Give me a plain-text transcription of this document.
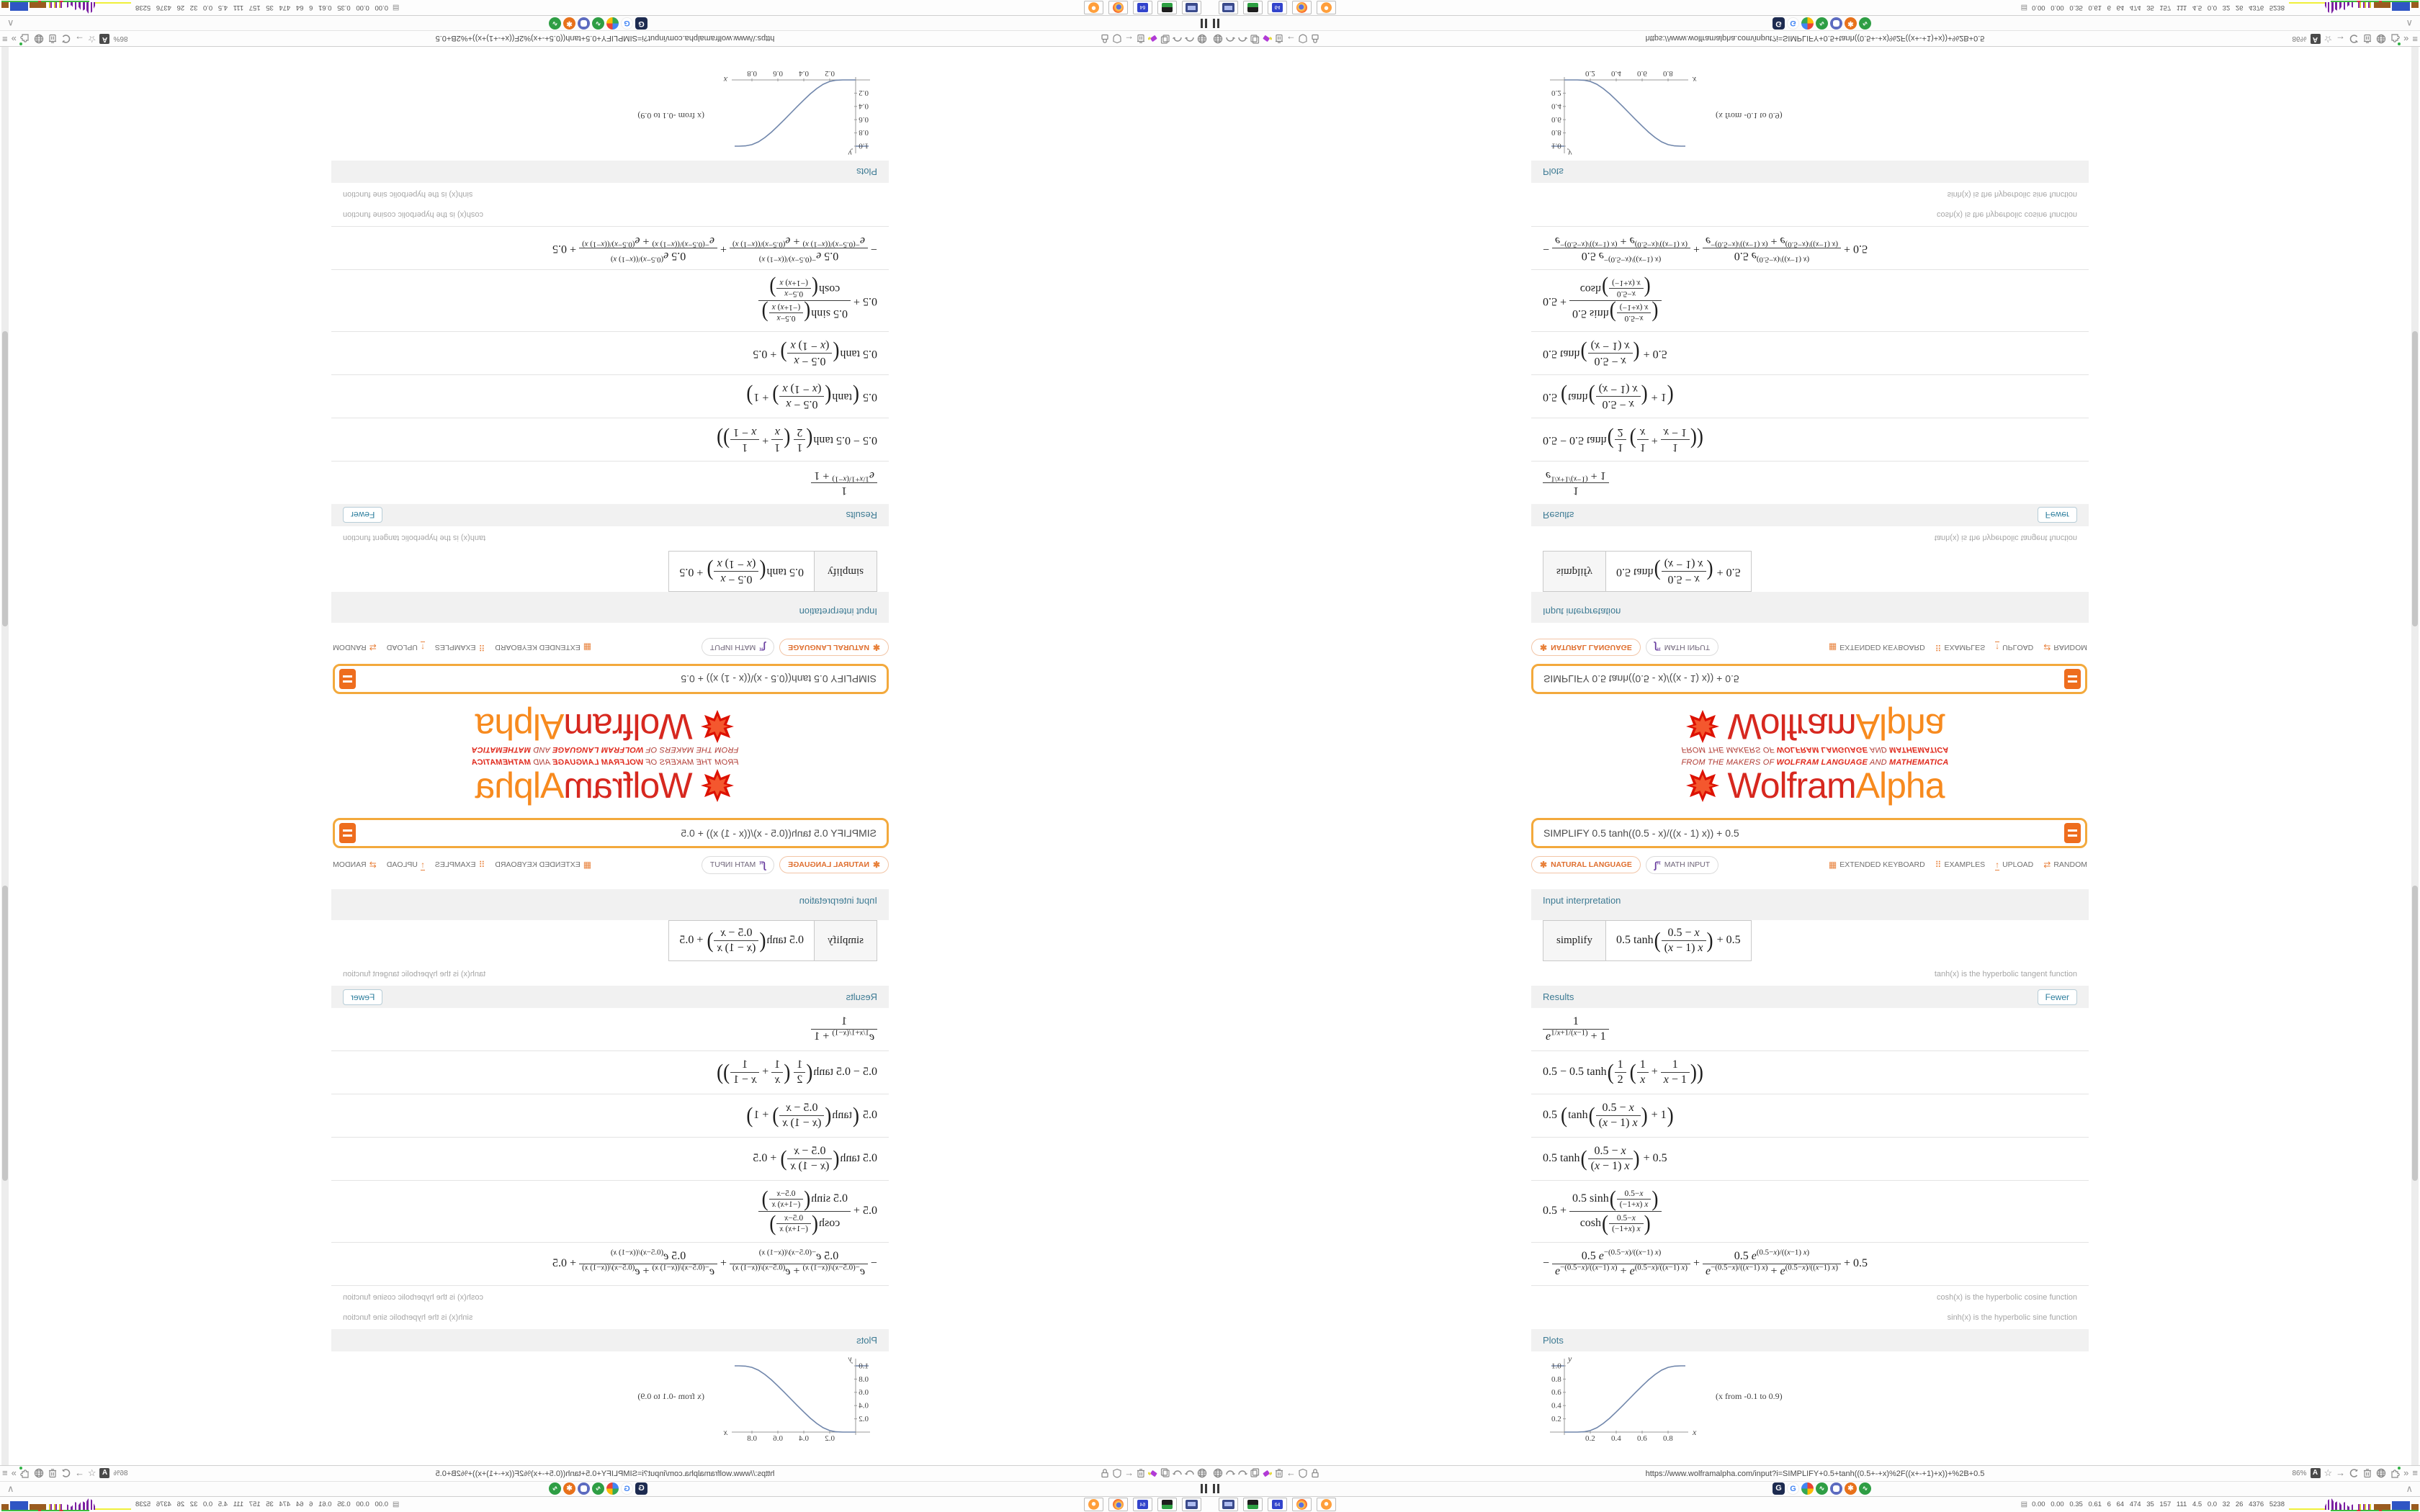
FROM THE MAKERS OF WOLFRAM LANGUAGE AND MATHEMATICA
WolframAlpha
SIMPLIFY 0.5 tanh((0.5 - x)/((x - 1) x)) + 0.5
✱ NATURAL LANGUAGE ∫$^\pi$ MATH INPUT	▦ EXTENDED KEYBOARD ⠿ EXAMPLES ↑ UPLOAD ⇄ RANDOM
Input interpretation
simplify	0.5 $\tanh( \frac{0.5 - x}{(x - 1) x}$ ) + 0.5
tanh(x) is the hyperbolic tangent function
Results	Fewer
$\frac{1}{e^{1/x+1/(x-1)} + 1}$
0.5 − 0.5 $\tanh( \frac{1}{2}$ ( $\frac{1}{x} + \frac{1}{x - 1}$ ))
0.5 ($\tanh( \frac{0.5 - x}{(x - 1) x}$ ) + 1)
0.5 $\tanh( \frac{0.5 - x}{(x - 1) x}$ ) + 0.5
$0.5 + \frac{0.5 \sinh( \frac{0.5-x}{(-1+x) x} )}{\cosh( \frac{0.5-x}{(-1+x) x} )}$
− $\frac{0.5 e^{-(0.5-x)/((x-1) x)}}{e^{-(0.5-x)/((x-1) x)} + e^{(0.5-x)/((x-1) x)}} + \frac{0.5 e^{(0.5-x)/((x-1) x)}}{e^{-(0.5-x)/((x-1) x)} + e^{(0.5-x)/((x-1) x)}} + 0.5$
cosh(x) is the hyperbolic cosine function
sinh(x) is the hyperbolic sine function
Plots
y
x
0.2
0.4
0.6
0.8
1.0
0.2 0.4 0.6 0.8
(x from -0.1 to 0.9)
←	https://www.wolframalpha.com/input?i=SIMPLIFY+0.5+tanh((0.5+-+x)%2F((x+-+1)+x))+%2B+0.5	86% A ☆ →	» ≡
G	G	∿	✱	∿	∧
64	▤ 0.00 0.00 0.35 0.61 6 64 474 35 157 111 4.5 0.0 32 26 4376 5238
FROM THE MAKERS OF WOLFRAM LANGUAGE AND MATHEMATICA
WolframAlpha
SIMPLIFY 0.5 tanh((0.5 - x)/((x - 1) x)) + 0.5
✱
NATURAL LANGUAGE
∫$^\pi$
MATH INPUT
▦
EXTENDED KEYBOARD
⠿
EXAMPLES
↑
UPLOAD
⇄
RANDOM
Input interpretation
simplify	0.5 tanh(
0.5 − x
(x − 1) x
) + 0.5
tanh(x) is the hyperbolic tangent function
Results
Fewer
1
$e^{1/x+1/(x-1)} + 1$
0.5 − 0.5 tanh(
1
2
(
1
x
+
1
x − 1
))
0.5 (tanh(
0.5 − x
(x − 1) x
) + 1)
0.5 tanh(
0.5 − x
(x − 1) x
) + 0.5
0.5 +
0.5 sinh(
0.5−x
(−1+x) x
)
cosh(
0.5−x
(−1+x) x
)
−
0.5 $e^{-(0.5-x)/((x-1) x)}$
$e^{-(0.5-x)/((x-1) x)} + e^{(0.5-x)/((x-1) x)}$
+
0.5 $e^{(0.5-x)/((x-1) x)}$
$e^{-(0.5-x)/((x-1) x)} + e^{(0.5-x)/((x-1) x)}$
+ 0.5
cosh(x) is the hyperbolic cosine function
sinh(x) is the hyperbolic sine function
Plots
y
x
0.2
0.4
0.6
0.8
1.0
0.2
0.4
0.6
0.8
(x from -0.1 to 0.9)
←
https://www.wolframalpha.com/input?i=SIMPLIFY+0.5+tanh((0.5+-+x)%2F((x+-+1)+x))+%2B+0.5
86%
A
☆
→
»
≡
G
G
∿
✱
∿
∧
64
▤
0.00 0.00 0.35 0.61 6 64 474 35 157 111 4.5 0.0 32 26 4376 5238
FROM THE MAKERS OF WOLFRAM LANGUAGE AND MATHEMATICA
WolframAlpha
SIMPLIFY 0.5 tanh((0.5 - x)/((x - 1) x)) + 0.5
✱ NATURAL LANGUAGE ∫$^\pi$ MATH INPUT	▦ EXTENDED KEYBOARD ⠿ EXAMPLES ↑ UPLOAD ⇄ RANDOM
Input interpretation
simplify	0.5 tanh( 0.5 − x
(x − 1) x ) + 0.5
tanh(x) is the hyperbolic tangent function
Results	Fewer
1
$e^{1/x+1/(x-1)} + 1$
0.5 − 0.5 tanh( 1
2 ( 1
x
+
1
x − 1 ))
0.5 (tanh( 0.5 − x
(x − 1) x ) + 1)
0.5 tanh( 0.5 − x
(x − 1) x ) + 0.5
0.5 +
0.5 sinh(	0.5−x
(−1+x) x )
cosh(	0.5−x
(−1+x) x )
−
0.5 $e^{-(0.5-x)/((x-1) x)}$
$e^{-(0.5-x)/((x-1) x)} + e^{(0.5-x)/((x-1) x)}$ +
0.5 $e^{(0.5-x)/((x-1) x)}$
$e^{-(0.5-x)/((x-1) x)} + e^{(0.5-x)/((x-1) x)} + 0.5$
cosh(x) is the hyperbolic cosine function
sinh(x) is the hyperbolic sine function
Plots
y
x
0.2
0.4
0.6
0.8
1.0
0.2 0.4 0.6 0.8
(x from -0.1 to 0.9)
←	https://www.wolframalpha.com/input?i=SIMPLIFY+0.5+tanh((0.5+-+x)%2F((x+-+1)+x))+%2B+0.5	86% A ☆ →	» ≡
G	G	∿	✱	∿	∧
64	▤ 0.00 0.00 0.35 0.61 6 64 474 35 157 111 4.5 0.0 32 26 4376 5238
FROM THE MAKERS OF WOLFRAM LANGUAGE AND MATHEMATICA
WolframAlpha
SIMPLIFY 0.5 tanh((0.5 - x)/((x - 1) x)) + 0.5
✱
NATURAL LANGUAGE
∫$^\pi$
MATH INPUT
▦
EXTENDED KEYBOARD
⠿
EXAMPLES
↑
UPLOAD
⇄
RANDOM
Input interpretation
simplify	0.5 tanh(
$\frac{0.5 - x}{(x - 1) x}$
) + 0.5
tanh(x) is the hyperbolic tangent function
Results
Fewer
$\frac{1}{e^{1/x+1/(x-1)} + 1}$
0.5 − 0.5 tanh(
$\frac{1}{2}$
(
$\frac{1}{x}$
+
$\frac{1}{x - 1}$
))
0.5 (tanh(
$\frac{0.5 - x}{(x - 1) x}$
) + 1)
0.5 tanh(
$\frac{0.5 - x}{(x - 1) x}$
) + 0.5
0.5 +
0.5 sinh(
$\frac{0.5-x}{(-1+x) x}$
)
cosh(
$\frac{0.5-x}{(-1+x) x}$
)
−
$\frac{0.5 e^{-(0.5-x)/((x-1) x)}}{e^{-(0.5-x)/((x-1) x)} + e^{(0.5-x)/((x-1) x)}}$
+
$\frac{0.5 e^{(0.5-x)/((x-1) x)}}{e^{-(0.5-x)/((x-1) x)} + e^{(0.5-x)/((x-1) x)}}$
+ 0.5
cosh(x) is the hyperbolic cosine function
sinh(x) is the hyperbolic sine function
Plots
y
x
0.2
0.4
0.6
0.8
1.0
0.2
0.4
0.6
0.8
(x from -0.1 to 0.9)
←
https://www.wolframalpha.com/input?i=SIMPLIFY+0.5+tanh((0.5+-+x)%2F((x+-+1)+x))+%2B+0.5
86%
A
☆
→
»
≡
G
G
∿
✱
∿
∧
64
▤
0.00 0.00 0.35 0.61 6 64 474 35 157 111 4.5 0.0 32 26 4376 5238
